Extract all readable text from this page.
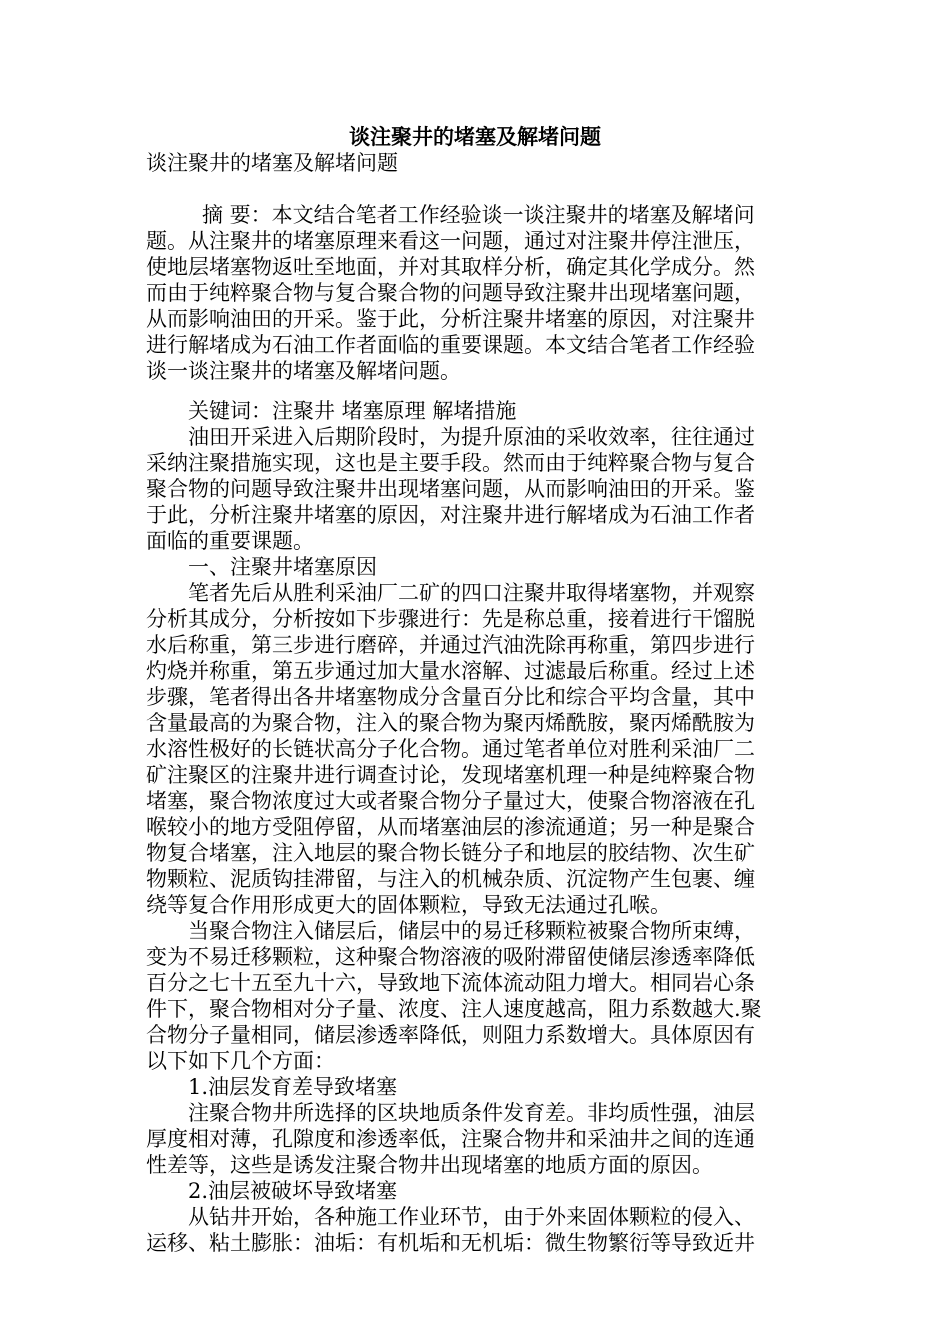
谈注聚井的堵塞及解堵问题
谈注聚井的堵塞及解堵问题
摘 要：本文结合笔者工作经验谈一谈注聚井的堵塞及解堵问
题。从注聚井的堵塞原理来看这一问题，通过对注聚井停注泄压，
使地层堵塞物返吐至地面，并对其取样分析，确定其化学成分。然
而由于纯粹聚合物与复合聚合物的问题导致注聚井出现堵塞问题，
从而影响油田的开采。鉴于此，分析注聚井堵塞的原因，对注聚井
进行解堵成为石油工作者面临的重要课题。本文结合笔者工作经验
谈一谈注聚井的堵塞及解堵问题。
关键词：注聚井 堵塞原理 解堵措施
油田开采进入后期阶段时，为提升原油的采收效率，往往通过
采纳注聚措施实现，这也是主要手段。然而由于纯粹聚合物与复合
聚合物的问题导致注聚井出现堵塞问题，从而影响油田的开采。鉴
于此，分析注聚井堵塞的原因，对注聚井进行解堵成为石油工作者
面临的重要课题。
一、注聚井堵塞原因
笔者先后从胜利采油厂二矿的四口注聚井取得堵塞物，并观察
分析其成分，分析按如下步骤进行：先是称总重，接着进行干馏脱
水后称重，第三步进行磨碎，并通过汽油洗除再称重，第四步进行
灼烧并称重，第五步通过加大量水溶解、过滤最后称重。经过上述
步骤，笔者得出各井堵塞物成分含量百分比和综合平均含量，其中
含量最高的为聚合物，注入的聚合物为聚丙烯酰胺，聚丙烯酰胺为
水溶性极好的长链状高分子化合物。通过笔者单位对胜利采油厂二
矿注聚区的注聚井进行调查讨论，发现堵塞机理一种是纯粹聚合物
堵塞，聚合物浓度过大或者聚合物分子量过大，使聚合物溶液在孔
喉较小的地方受阻停留，从而堵塞油层的渗流通道；另一种是聚合
物复合堵塞，注入地层的聚合物长链分子和地层的胶结物、次生矿
物颗粒、泥质钩挂滞留，与注入的机械杂质、沉淀物产生包裹、缠
绕等复合作用形成更大的固体颗粒，导致无法通过孔喉。
当聚合物注入储层后，储层中的易迁移颗粒被聚合物所束缚，
变为不易迁移颗粒，这种聚合物溶液的吸附滞留使储层渗透率降低
百分之七十五至九十六，导致地下流体流动阻力增大。相同岩心条
件下，聚合物相对分子量、浓度、注人速度越高，阻力系数越大.聚
合物分子量相同，储层渗透率降低，则阻力系数增大。具体原因有
以下如下几个方面：
1.油层发育差导致堵塞
注聚合物井所选择的区块地质条件发育差。非均质性强，油层
厚度相对薄，孔隙度和渗透率低，注聚合物井和采油井之间的连通
性差等，这些是诱发注聚合物井出现堵塞的地质方面的原因。
2.油层被破坏导致堵塞
从钻井开始，各种施工作业环节，由于外来固体颗粒的侵入、
运移、粘土膨胀：油垢：有机垢和无机垢：微生物繁衍等导致近井
